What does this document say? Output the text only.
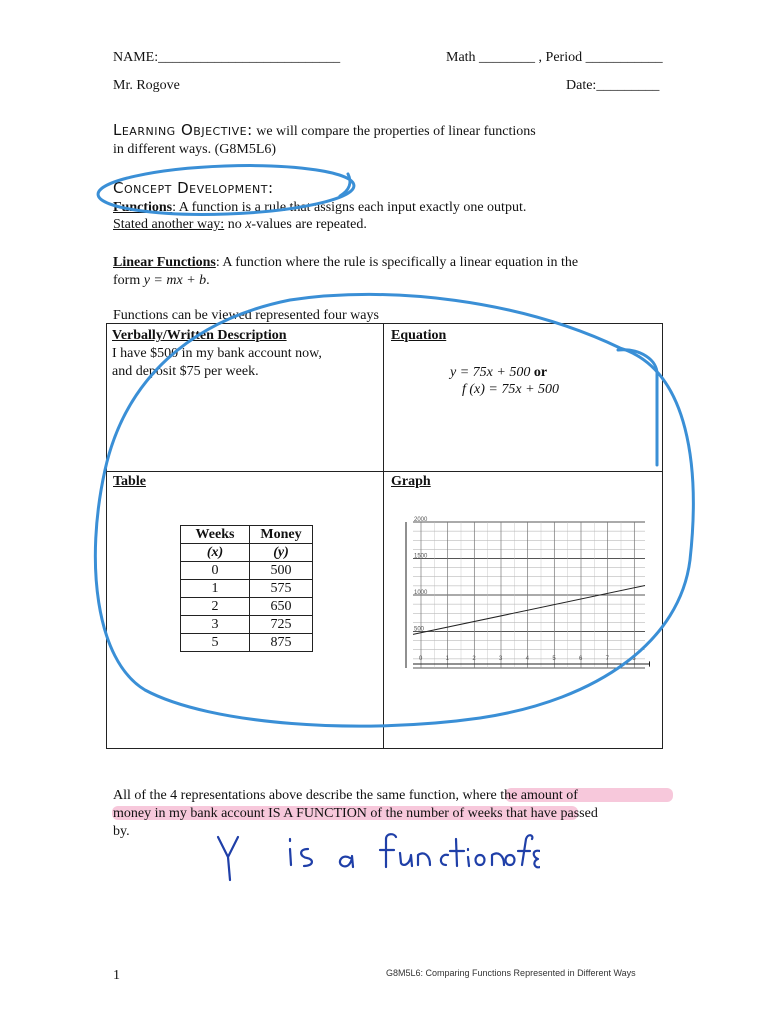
NAME:__________________________	Math ________ , Period ___________
Mr. Rogove	Date:_________
Learning Objective: we will compare the properties of linear functions
in different ways. (G8M5L6)
Concept Development:
Functions: A function is a rule that assigns each input exactly one output.
Stated another way: no x-values are repeated.
Linear Functions: A function where the rule is specifically a linear equation in the
form y = mx + b.
Functions can be viewed represented four ways
Verbally/Written Description
I have $500 in my bank account now,
and deposit $75 per week.
Equation
y = 75x + 500 or
f (x) = 75x + 500
Table	Graph
Weeks	Money
(x)	(y)
0	500
1	575
2	650
3	725
5	875
0	1	2	3	4	5	6	7	8
500
1000
1500
2000
All of the 4 representations above describe the same function, where the amount of
money in my bank account IS A FUNCTION of the number of weeks that have passed
by.
1	G8M5L6: Comparing Functions Represented in Different Ways
